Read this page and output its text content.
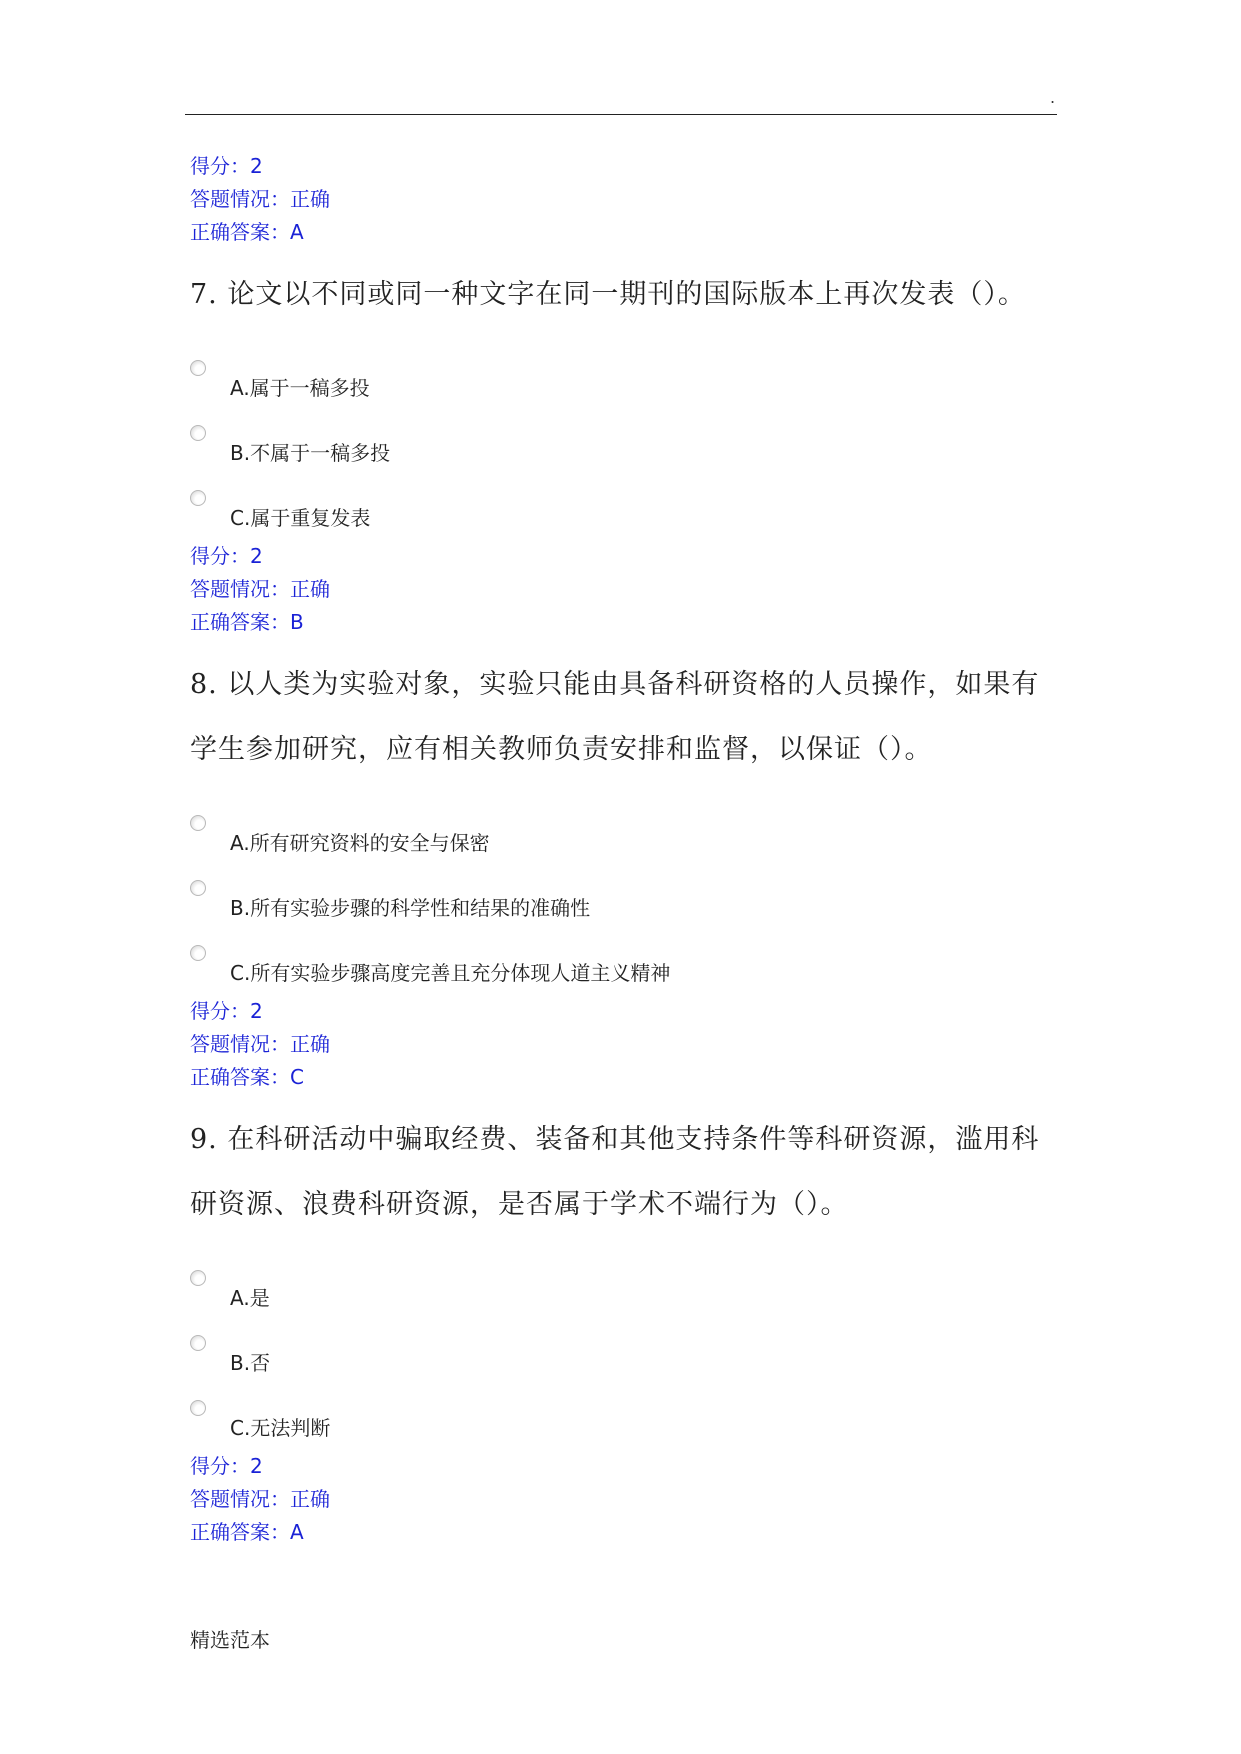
.
得分：2
答题情况：正确
正确答案：A
7. 论文以不同或同一种文字在同一期刊的国际版本上再次发表（）。
A.属于一稿多投
B.不属于一稿多投
C.属于重复发表
得分：2
答题情况：正确
正确答案：B
8. 以人类为实验对象，实验只能由具备科研资格的人员操作，如果有
学生参加研究，应有相关教师负责安排和监督，以保证（）。
A.所有研究资料的安全与保密
B.所有实验步骤的科学性和结果的准确性
C.所有实验步骤高度完善且充分体现人道主义精神
得分：2
答题情况：正确
正确答案：C
9. 在科研活动中骗取经费、装备和其他支持条件等科研资源，滥用科
研资源、浪费科研资源，是否属于学术不端行为（）。
A.是
B.否
C.无法判断
得分：2
答题情况：正确
正确答案：A
精选范本
